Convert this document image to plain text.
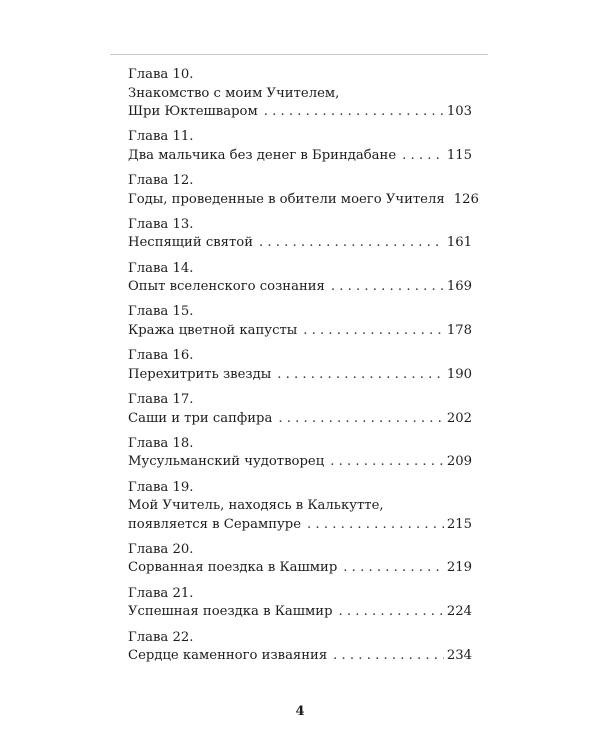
Глава 10.
Знакомство с моим Учителем,
Шри Юктешваром . . .	103
Глава 11.
Два мальчика без денег в Бриндабане . . .	115
Глава 12.
Годы, проведенные в обители моего Учителя 126
Глава 13.
Неспящий святой . . .	161
Глава 14.
Опыт вселенского сознания . . .	169
Глава 15.
Кража цветной капусты . . .	178
Глава 16.
Перехитрить звезды . . .	190
Глава 17.
Саши и три сапфира . . .	202
Глава 18.
Мусульманский чудотворец . . .	209
Глава 19.
Мой Учитель, находясь в Калькутте,
появляется в Серампуре . . .	215
Глава 20.
Сорванная поездка в Кашмир . . .	219
Глава 21.
Успешная поездка в Кашмир . . .	224
Глава 22.
Сердце каменного изваяния . . .	234
4
